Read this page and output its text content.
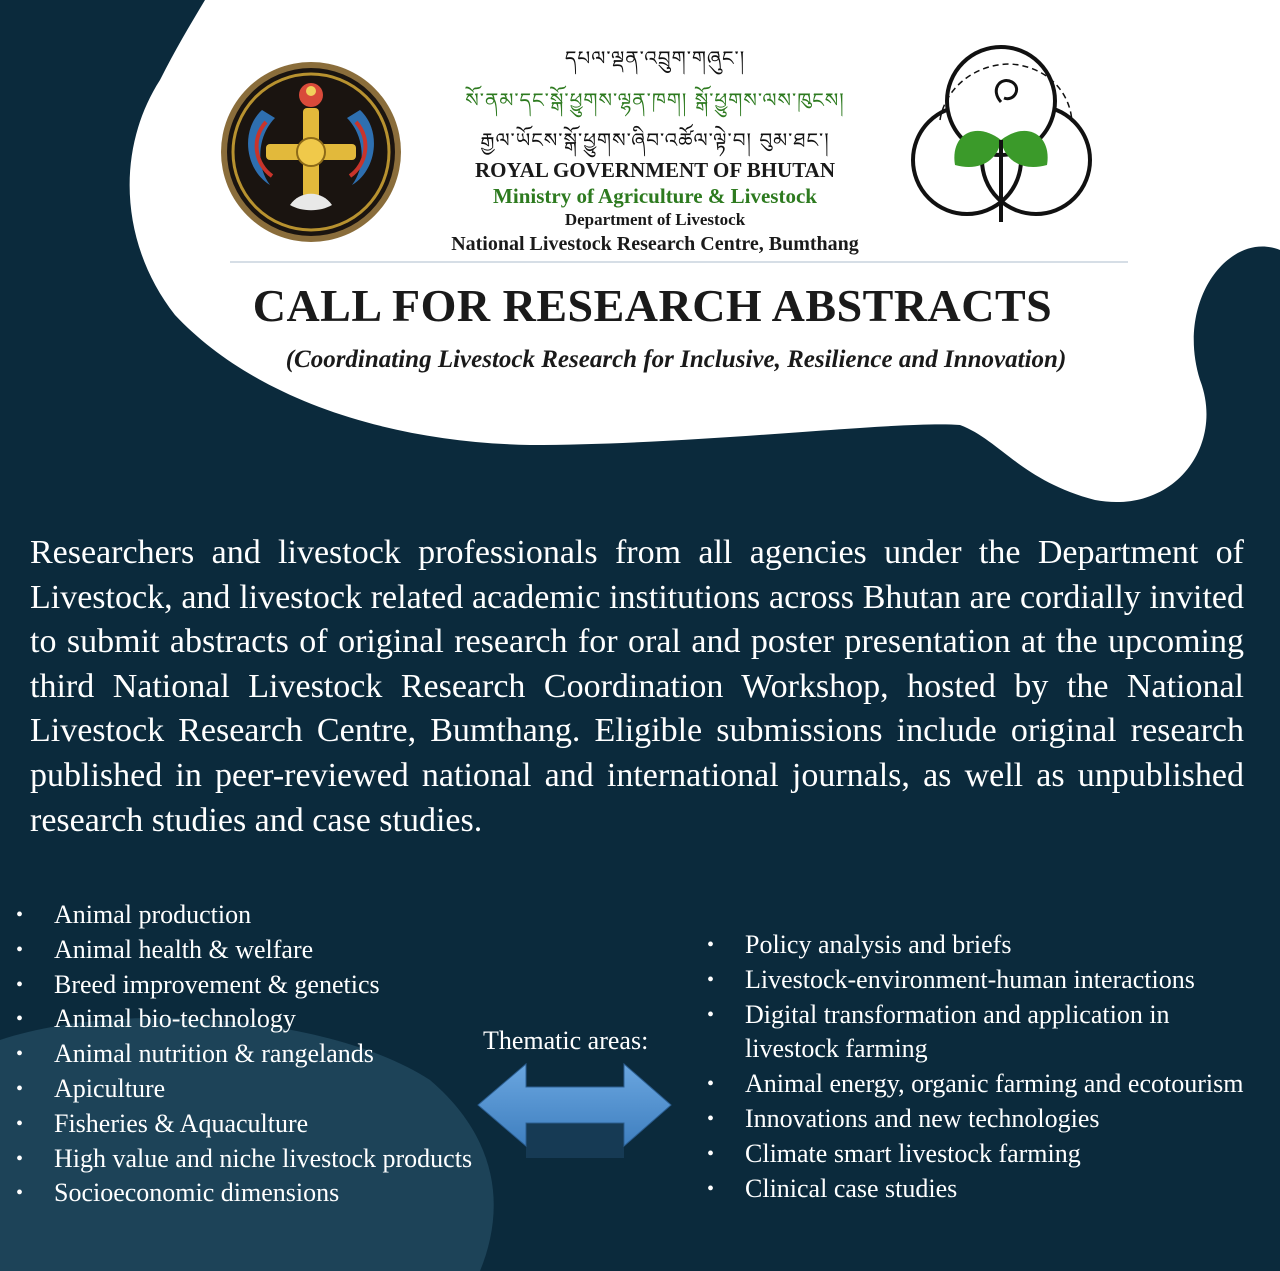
དཔལ་ལྡན་འབྲུག་གཞུང་།
སོ་ནམ་དང་སྒོ་ཕྱུགས་ལྷན་ཁག། སྒོ་ཕྱུགས་ལས་ཁུངས།
རྒྱལ་ཡོངས་སྒོ་ཕྱུགས་ཞིབ་འཚོལ་ལྟེ་བ། བུམ་ཐང་།
ROYAL GOVERNMENT OF BHUTAN
Ministry of Agriculture & Livestock
Department of Livestock
National Livestock Research Centre, Bumthang
CALL FOR RESEARCH ABSTRACTS
(Coordinating Livestock Research for Inclusive, Resilience and Innovation)
Researchers and livestock professionals from all agencies under the Department of Livestock, and livestock related academic institutions across Bhutan are cordially invited to submit abstracts of original research for oral and poster presentation at the upcoming third National Livestock Research Coordination Workshop, hosted by the National Livestock Research Centre, Bumthang. Eligible submissions include original research published in peer-reviewed national and international journals, as well as unpublished research studies and case studies.
• Animal production
• Animal health & welfare
• Breed improvement & genetics
• Animal bio-technology
• Animal nutrition & rangelands
• Apiculture
• Fisheries & Aquaculture
• High value and niche livestock products
• Socioeconomic dimensions
Thematic areas:
• Policy analysis and briefs
• Livestock-environment-human interactions
• Digital transformation and application in livestock farming
• Animal energy, organic farming and ecotourism
• Innovations and new technologies
• Climate smart livestock farming
• Clinical case studies
